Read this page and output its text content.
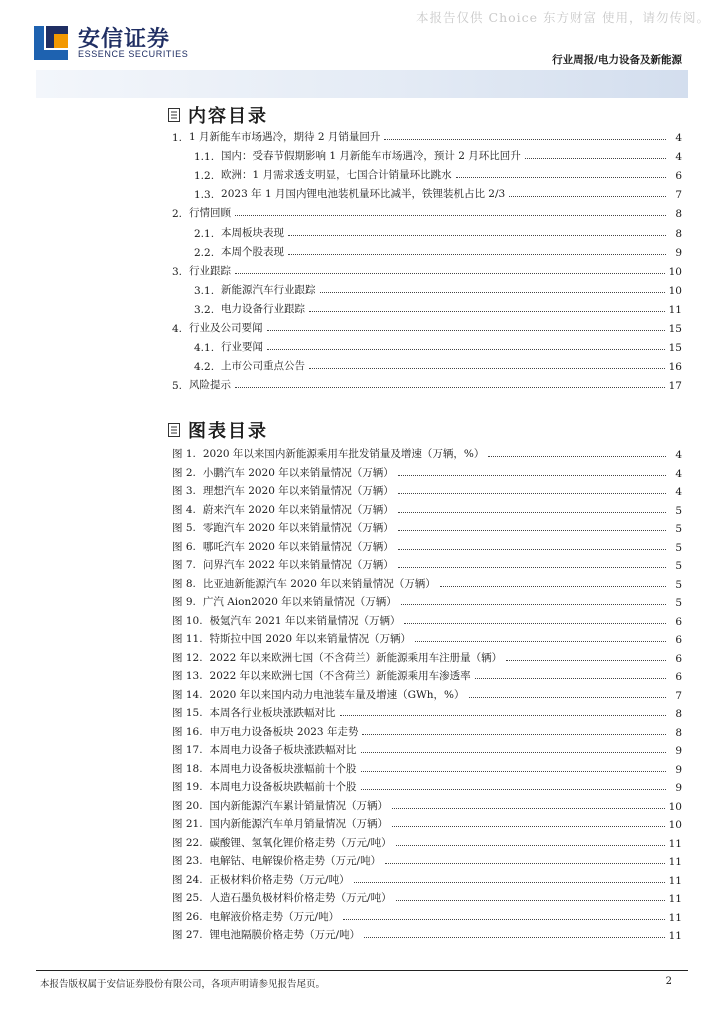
本报告仅供 Choice 东方财富 使用，请勿传阅。
安信证券
ESSENCE SECURITIES	行业周报/电力设备及新能源
内容目录
1. 1 月新能车市场遇冷，期待 2 月销量回升	4
1.1. 国内：受春节假期影响 1 月新能车市场遇冷，预计 2 月环比回升	4
1.2. 欧洲：1 月需求透支明显，七国合计销量环比跳水	6
1.3. 2023 年 1 月国内锂电池装机量环比减半，铁锂装机占比 2/3	7
2. 行情回顾	8
2.1. 本周板块表现	8
2.2. 本周个股表现	9
3. 行业跟踪	10
3.1. 新能源汽车行业跟踪	10
3.2. 电力设备行业跟踪	11
4. 行业及公司要闻	15
4.1. 行业要闻	15
4.2. 上市公司重点公告	16
5. 风险提示	17
图表目录
图 1. 2020 年以来国内新能源乘用车批发销量及增速（万辆，%）	4
图 2. 小鹏汽车 2020 年以来销量情况（万辆）	4
图 3. 理想汽车 2020 年以来销量情况（万辆）	4
图 4. 蔚来汽车 2020 年以来销量情况（万辆）	5
图 5. 零跑汽车 2020 年以来销量情况（万辆）	5
图 6. 哪吒汽车 2020 年以来销量情况（万辆）	5
图 7. 问界汽车 2022 年以来销量情况（万辆）	5
图 8. 比亚迪新能源汽车 2020 年以来销量情况（万辆）	5
图 9. 广汽 Aion2020 年以来销量情况（万辆）	5
图 10. 极氪汽车 2021 年以来销量情况（万辆）	6
图 11. 特斯拉中国 2020 年以来销量情况（万辆）	6
图 12. 2022 年以来欧洲七国（不含荷兰）新能源乘用车注册量（辆）	6
图 13. 2022 年以来欧洲七国（不含荷兰）新能源乘用车渗透率	6
图 14. 2020 年以来国内动力电池装车量及增速（GWh，%）	7
图 15. 本周各行业板块涨跌幅对比	8
图 16. 申万电力设备板块 2023 年走势	8
图 17. 本周电力设备子板块涨跌幅对比	9
图 18. 本周电力设备板块涨幅前十个股	9
图 19. 本周电力设备板块跌幅前十个股	9
图 20. 国内新能源汽车累计销量情况（万辆）	10
图 21. 国内新能源汽车单月销量情况（万辆）	10
图 22. 碳酸锂、氢氧化锂价格走势（万元/吨）	11
图 23. 电解钴、电解镍价格走势（万元/吨）	11
图 24. 正极材料价格走势（万元/吨）	11
图 25. 人造石墨负极材料价格走势（万元/吨）	11
图 26. 电解液价格走势（万元/吨）	11
图 27. 锂电池隔膜价格走势（万元/吨）	11
本报告版权属于安信证券股份有限公司，各项声明请参见报告尾页。	2
